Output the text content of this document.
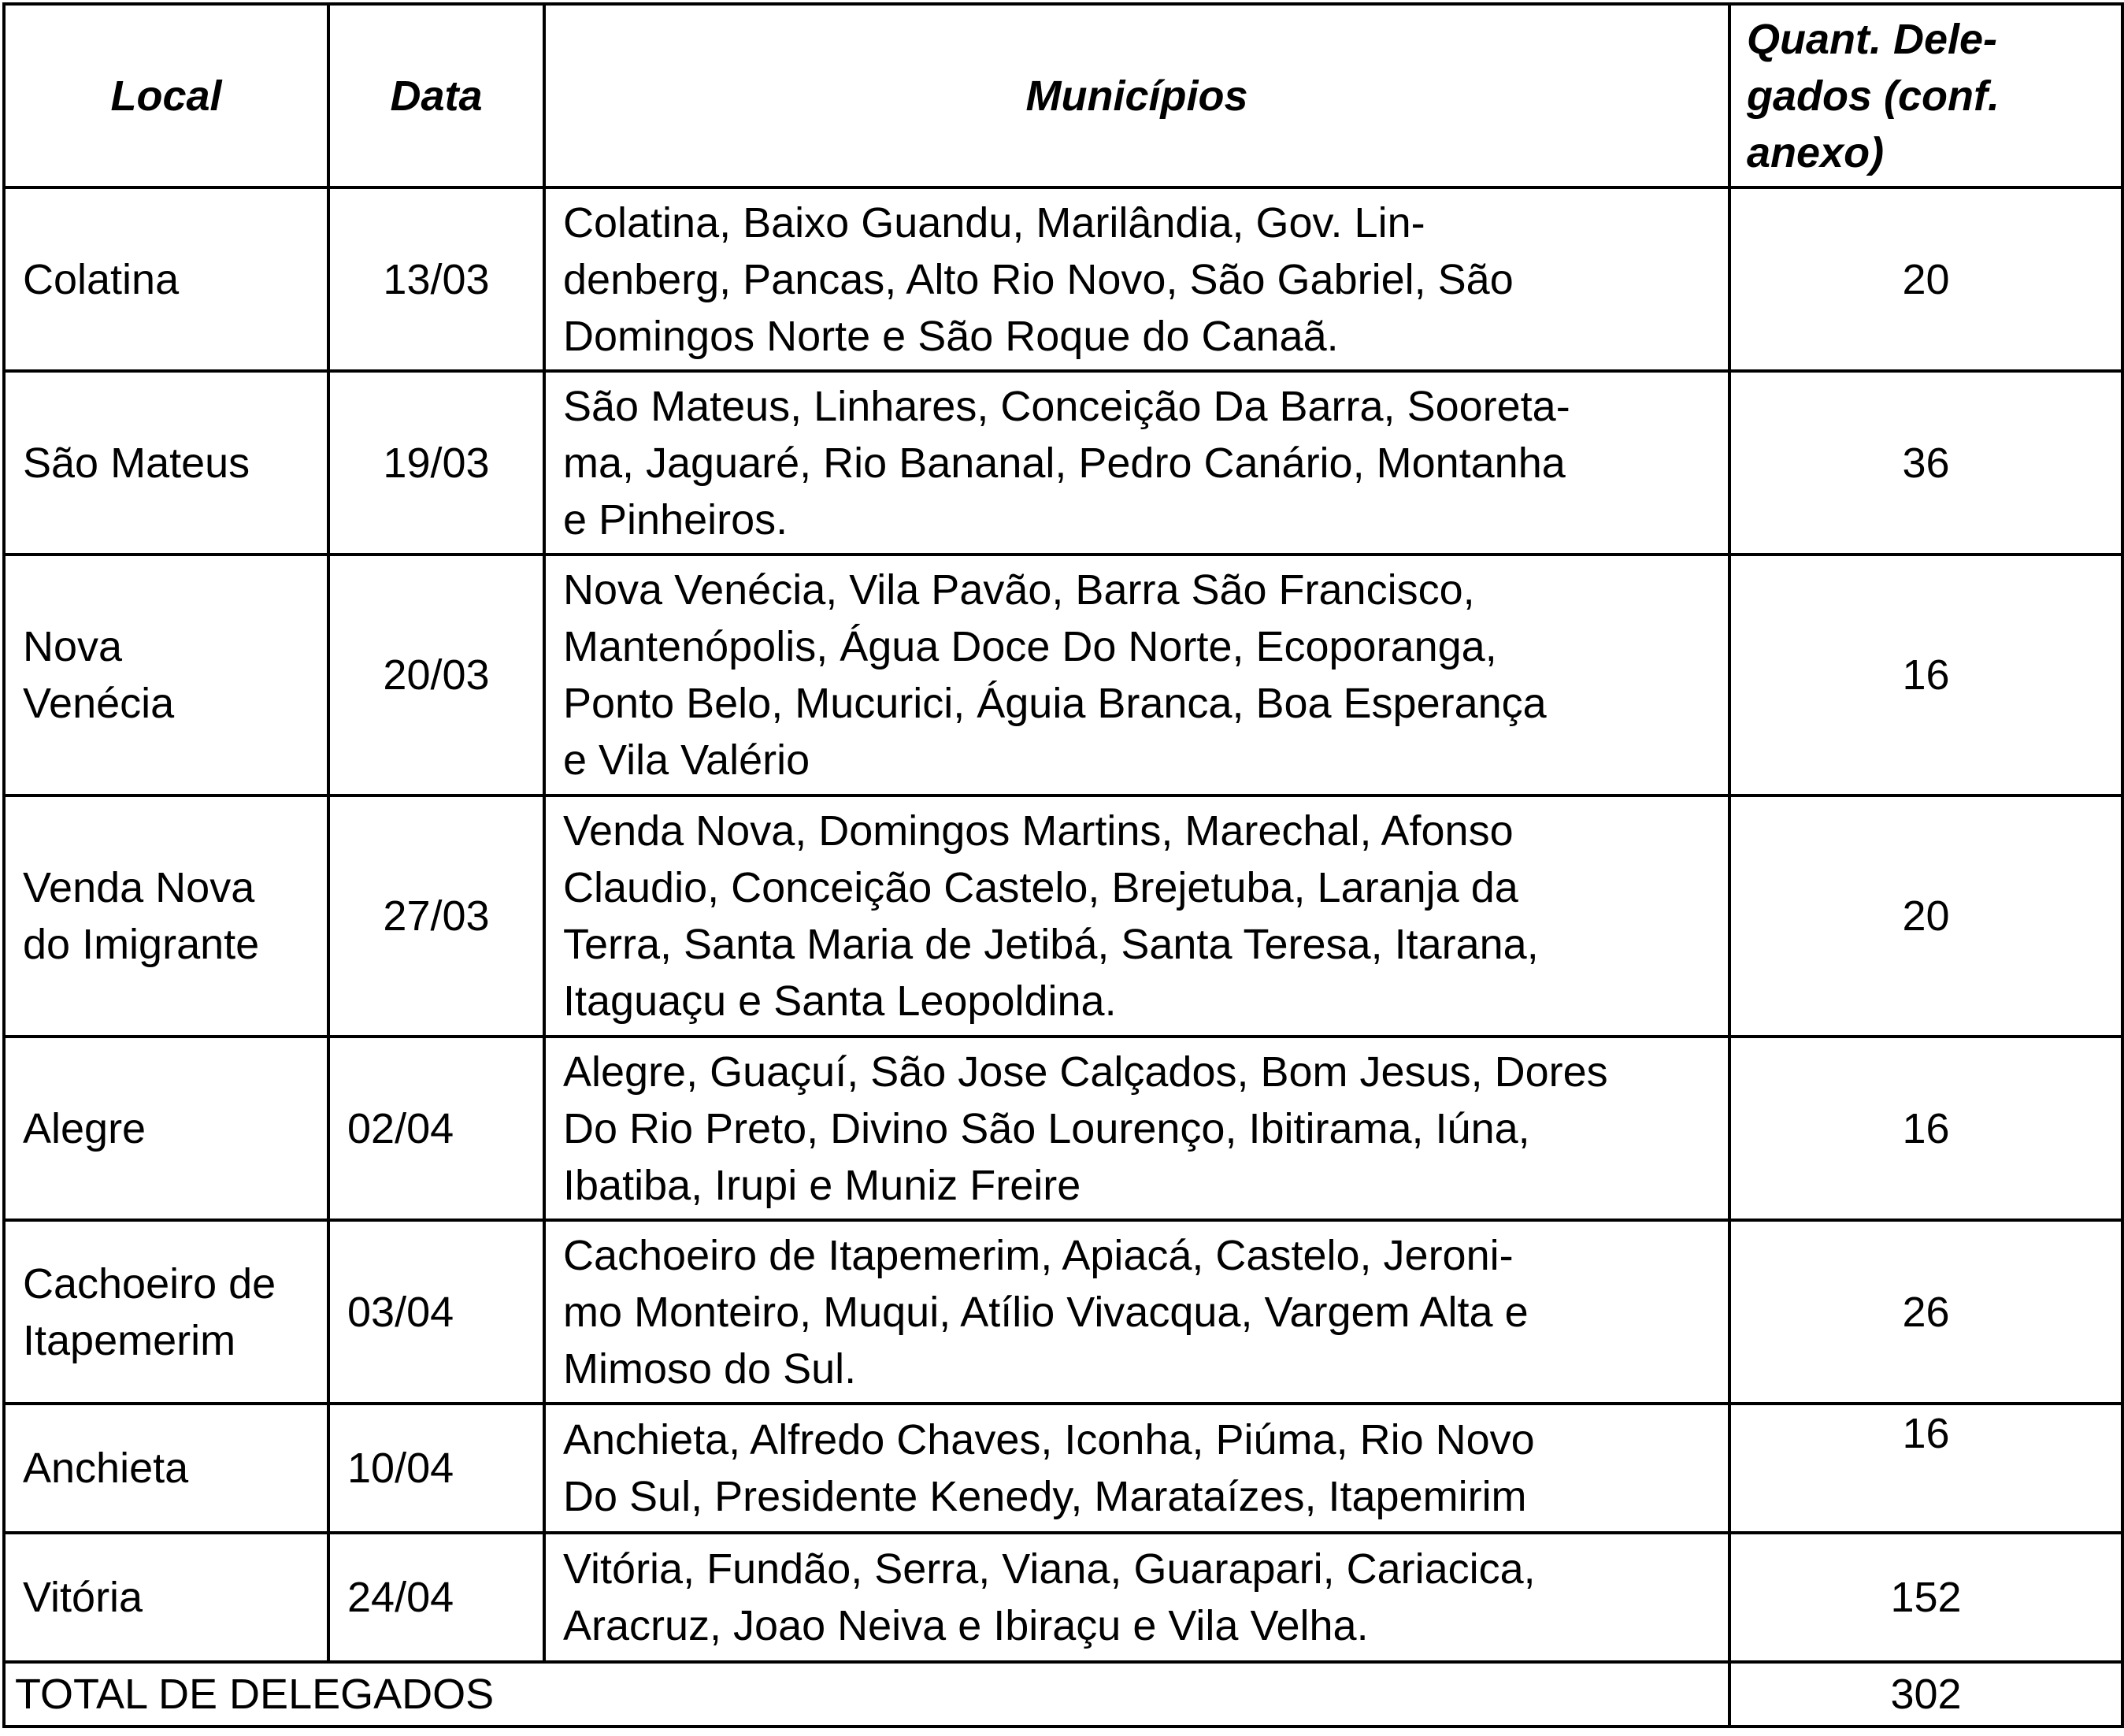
Local	Data	Municípios	Quant. Dele-
gados (conf.
anexo)
Colatina	13/03	Colatina, Baixo Guandu, Marilândia, Gov. Lin-
denberg, Pancas, Alto Rio Novo, São Gabriel, São
Domingos Norte e São Roque do Canaã.	20
São Mateus	19/03	São Mateus, Linhares, Conceição Da Barra, Sooreta-
ma, Jaguaré, Rio Bananal, Pedro Canário, Montanha
e Pinheiros.	36
Nova
Venécia	20/03	Nova Venécia, Vila Pavão, Barra São Francisco,
Mantenópolis, Água Doce Do Norte, Ecoporanga,
Ponto Belo, Mucurici, Águia Branca, Boa Esperança
e Vila Valério	16
Venda Nova
do Imigrante	27/03	Venda Nova, Domingos Martins, Marechal, Afonso
Claudio, Conceição Castelo, Brejetuba, Laranja da
Terra, Santa Maria de Jetibá, Santa Teresa, Itarana,
Itaguaçu e Santa Leopoldina.	20
Alegre	02/04	Alegre, Guaçuí, São Jose Calçados, Bom Jesus, Dores
Do Rio Preto, Divino São Lourenço, Ibitirama, Iúna,
Ibatiba, Irupi e Muniz Freire	16
Cachoeiro de
Itapemerim	03/04	Cachoeiro de Itapemerim, Apiacá, Castelo, Jeroni-
mo Monteiro, Muqui, Atílio Vivacqua, Vargem Alta e
Mimoso do Sul.	26
Anchieta	10/04	Anchieta, Alfredo Chaves, Iconha, Piúma, Rio Novo
Do Sul, Presidente Kenedy, Marataízes, Itapemirim	16
Vitória	24/04	Vitória, Fundão, Serra, Viana, Guarapari, Cariacica,
Aracruz, Joao Neiva e Ibiraçu e Vila Velha.	152
TOTAL DE DELEGADOS			302
